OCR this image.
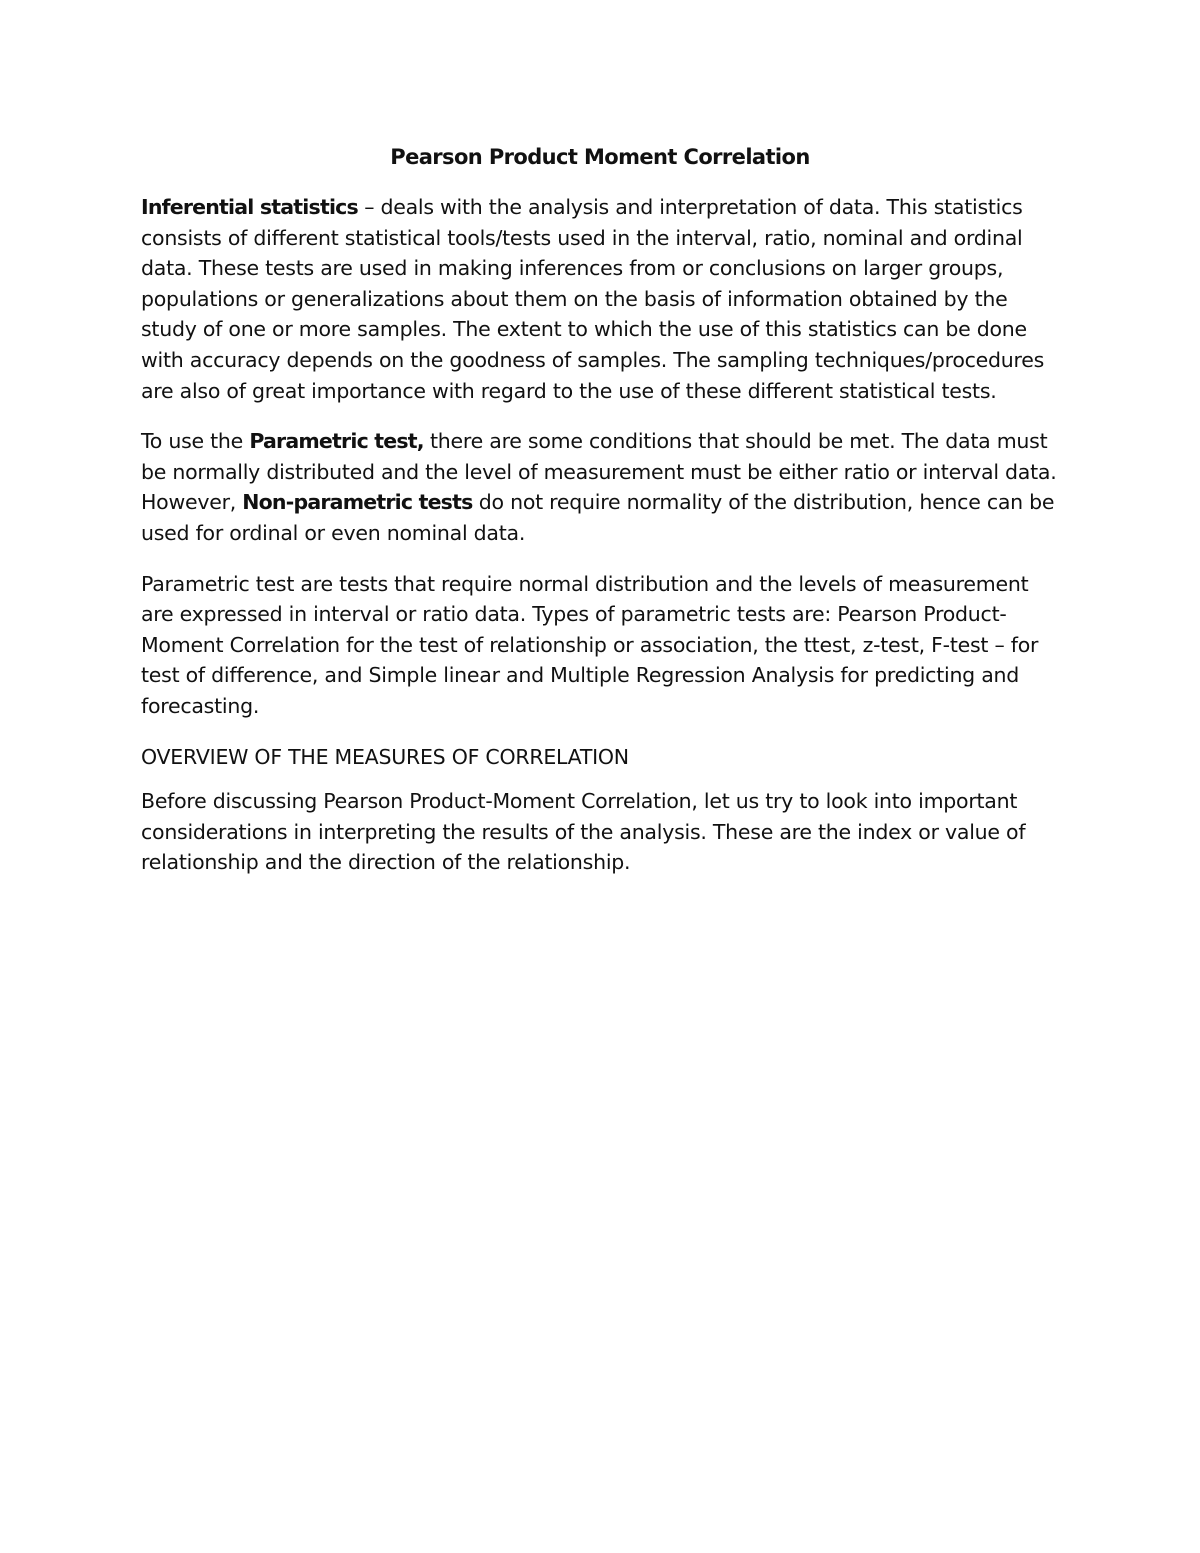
Pearson Product Moment Correlation

Inferential statistics – deals with the analysis and interpretation of data. This statistics consists of different statistical tools/tests used in the interval, ratio, nominal and ordinal data. These tests are used in making inferences from or conclusions on larger groups, populations or generalizations about them on the basis of information obtained by the study of one or more samples. The extent to which the use of this statistics can be done with accuracy depends on the goodness of samples. The sampling techniques/procedures are also of great importance with regard to the use of these different statistical tests.

To use the Parametric test, there are some conditions that should be met. The data must be normally distributed and the level of measurement must be either ratio or interval data. However, Non-parametric tests do not require normality of the distribution, hence can be used for ordinal or even nominal data.

Parametric test are tests that require normal distribution and the levels of measurement are expressed in interval or ratio data. Types of parametric tests are: Pearson Product-Moment Correlation for the test of relationship or association, the ttest, z-test, F-test – for test of difference, and Simple linear and Multiple Regression Analysis for predicting and forecasting.

OVERVIEW OF THE MEASURES OF CORRELATION

Before discussing Pearson Product-Moment Correlation, let us try to look into important considerations in interpreting the results of the analysis. These are the index or value of relationship and the direction of the relationship.
